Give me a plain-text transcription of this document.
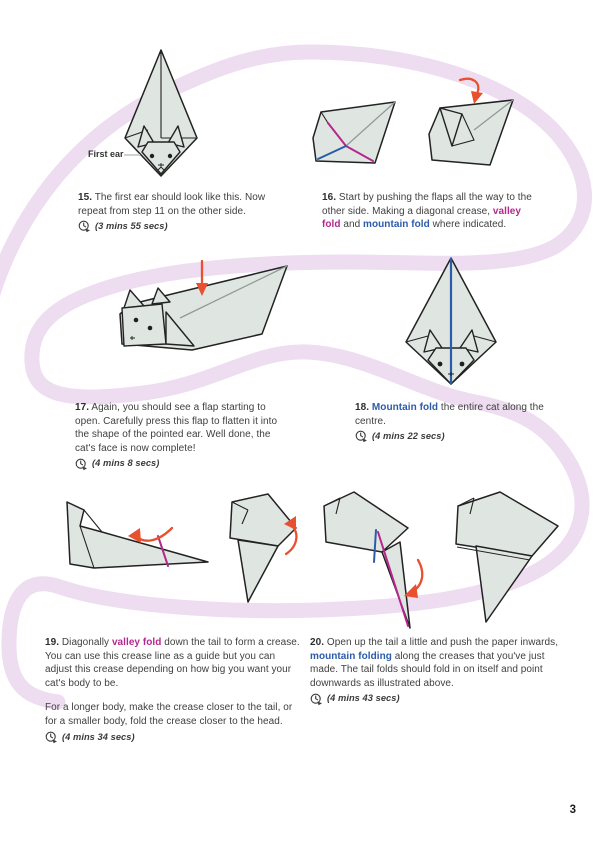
First ear
15. The first ear should look like this. Now repeat from step 11 on the other side.
(3 mins 55 secs)
16. Start by pushing the flaps all the way to the other side. Making a diagonal crease, valley fold and mountain fold where indicated.
17. Again, you should see a flap starting to open. Carefully press this flap to flatten it into the shape of the pointed ear. Well done, the cat's face is now complete!
(4 mins 8 secs)
18. Mountain fold the entire cat along the centre.
(4 mins 22 secs)
19. Diagonally valley fold down the tail to form a crease. You can use this crease line as a guide but you can adjust this crease depending on how big you want your cat's body to be.
For a longer body, make the crease closer to the tail, or for a smaller body, fold the crease closer to the head.
(4 mins 34 secs)
20. Open up the tail a little and push the paper inwards, mountain folding along the creases that you've just made. The tail folds should fold in on itself and point downwards as illustrated above.
(4 mins 43 secs)
3
